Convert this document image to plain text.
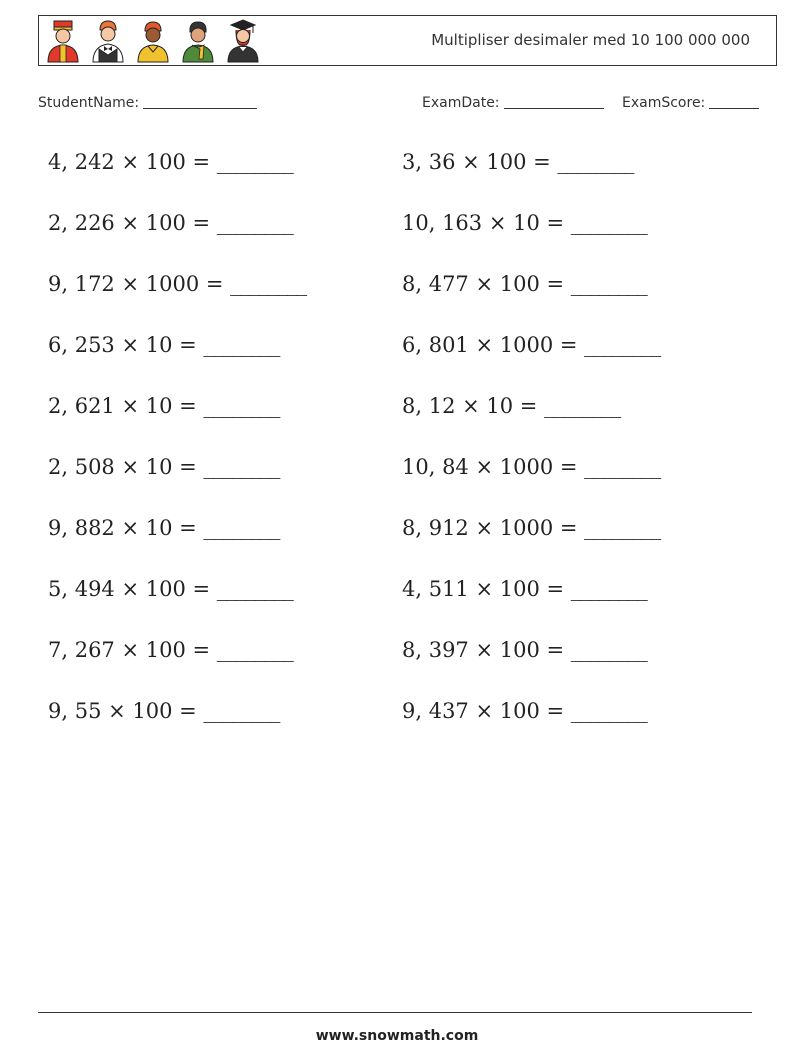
Multipliser desimaler med 10 100 000 000
StudentName:	ExamDate:	ExamScore:
4, 242 × 100 = ________	3, 36 × 100 = ________
2, 226 × 100 = ________	10, 163 × 10 = ________
9, 172 × 1000 = ________	8, 477 × 100 = ________
6, 253 × 10 = ________	6, 801 × 1000 = ________
2, 621 × 10 = ________	8, 12 × 10 = ________
2, 508 × 10 = ________	10, 84 × 1000 = ________
9, 882 × 10 = ________	8, 912 × 1000 = ________
5, 494 × 100 = ________	4, 511 × 100 = ________
7, 267 × 100 = ________	8, 397 × 100 = ________
9, 55 × 100 = ________	9, 437 × 100 = ________
www.snowmath.com
